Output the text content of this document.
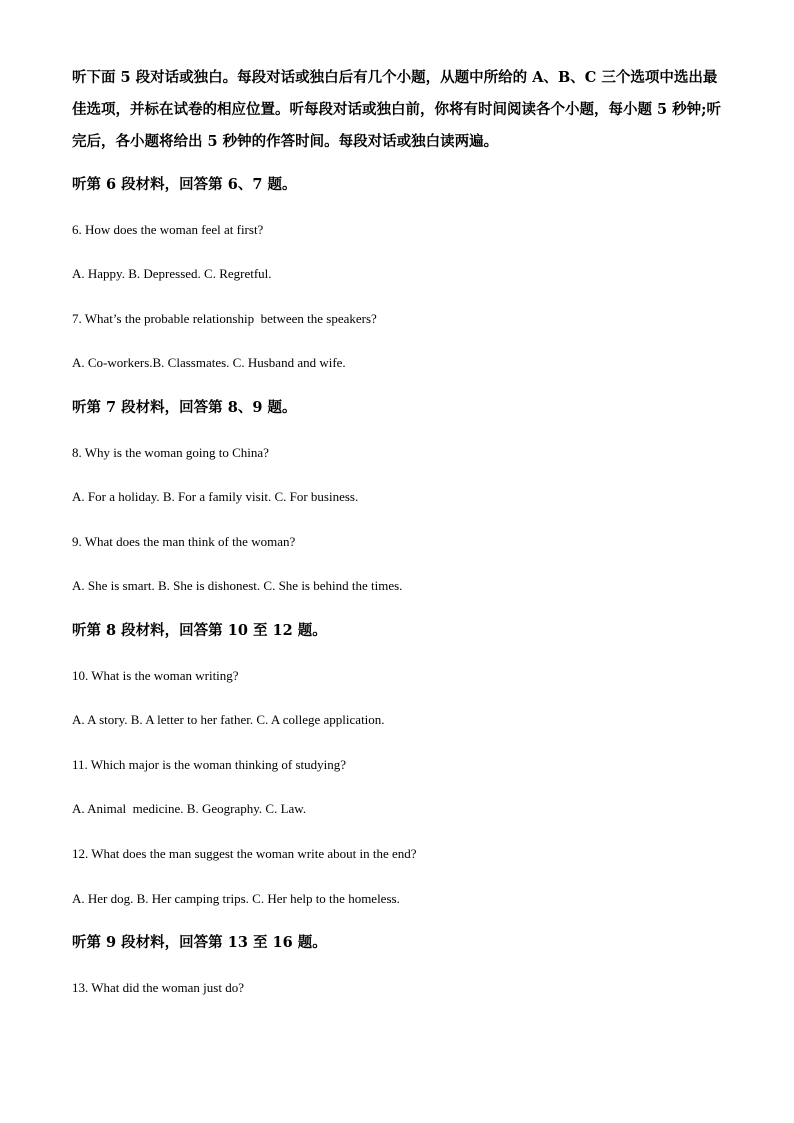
听下面 5 段对话或独白。每段对话或独白后有几个小题，从题中所给的 A、B、C 三个选项中选出最佳选项，并标在试卷的相应位置。听每段对话或独白前，你将有时间阅读各个小题，每小题 5 秒钟;听完后，各小题将给出 5 秒钟的作答时间。每段对话或独白读两遍。

听第 6 段材料，回答第 6、7 题。

6. How does the woman feel at first?

A. Happy. B. Depressed. C. Regretful.

7. What’s the probable relationship  between the speakers?

A. Co-workers.B. Classmates. C. Husband and wife.

听第 7 段材料，回答第 8、9 题。

8. Why is the woman going to China?

A. For a holiday. B. For a family visit. C. For business.

9. What does the man think of the woman?

A. She is smart. B. She is dishonest. C. She is behind the times.

听第 8 段材料，回答第 10 至 12 题。

10. What is the woman writing?

A. A story. B. A letter to her father. C. A college application.

11. Which major is the woman thinking of studying?

A. Animal  medicine. B. Geography. C. Law.

12. What does the man suggest the woman write about in the end?

A. Her dog. B. Her camping trips. C. Her help to the homeless.

听第 9 段材料，回答第 13 至 16 题。

13. What did the woman just do?
